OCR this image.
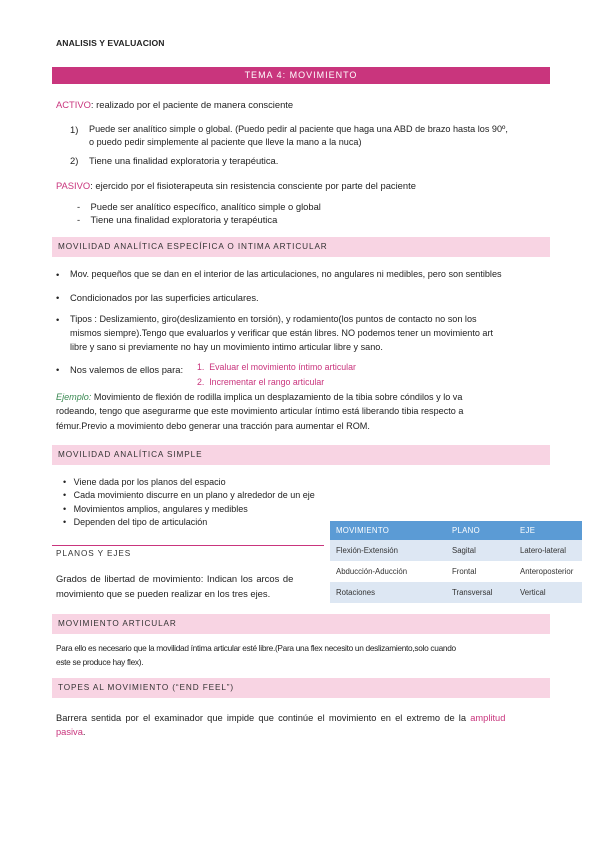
ANALISIS Y EVALUACION
TEMA 4: MOVIMIENTO
ACTIVO: realizado por el paciente de manera consciente
1) Puede ser analítico simple o global. (Puedo pedir al paciente que haga una ABD de brazo hasta los 90º,
o puedo pedir simplemente al paciente que lleve la mano a la nuca)
2) Tiene una finalidad exploratoria y terapéutica.
PASIVO: ejercido por el fisioterapeuta sin resistencia consciente por parte del paciente
-    Puede ser analítico específico, analítico simple o global
-    Tiene una finalidad exploratoria y terapéutica
MOVILIDAD ANALÍTICA ESPECÍFICA O INTIMA ARTICULAR
• Mov. pequeños que se dan en el interior de las articulaciones, no angulares ni medibles, pero son sentibles
• Condicionados por las superficies articulares.
• Tipos : Deslizamiento, giro(deslizamiento en torsión), y rodamiento(los puntos de contacto no son los
mismos siempre).Tengo que evaluarlos y verificar que están libres. NO podemos tener un movimiento art
libre y sano si previamente no hay un movimiento intimo articular libre y sano.
• Nos valemos de ellos para: 1. Evaluar el movimiento íntimo articular
2. Incrementar el rango articular
Ejemplo: Movimiento de flexión de rodilla implica un desplazamiento de la tibia sobre cóndilos y lo va
rodeando, tengo que asegurarme que este movimiento articular íntimo está liberando tibia respecto a
fémur.Previo a movimiento debo generar una tracción para aumentar el ROM.
MOVILIDAD ANALÍTICA SIMPLE
•   Viene dada por los planos del espacio
•   Cada movimiento discurre en un plano y alrededor de un eje
•   Movimientos amplios, angulares y medibles
•   Dependen del tipo de articulación
MOVIMIENTO	PLANO	EJE
Flexión-Extensión	Sagital	Latero-lateral
Abducción-Aducción	Frontal	Anteroposterior
Rotaciones	Transversal	Vertical
PLANOS Y EJES
Grados de libertad de movimiento: Indican los arcos de
movimiento que se pueden realizar en los tres ejes.
MOVIMIENTO ARTICULAR
Para ello es necesario que la movilidad íntima articular esté libre.(Para una flex necesito un deslizamiento,solo cuando
este se produce hay flex).
TOPES AL MOVIMIENTO (“END FEEL”)
Barrera sentida por el examinador que impide que continúe el movimiento en el extremo de la amplitud
pasiva.
